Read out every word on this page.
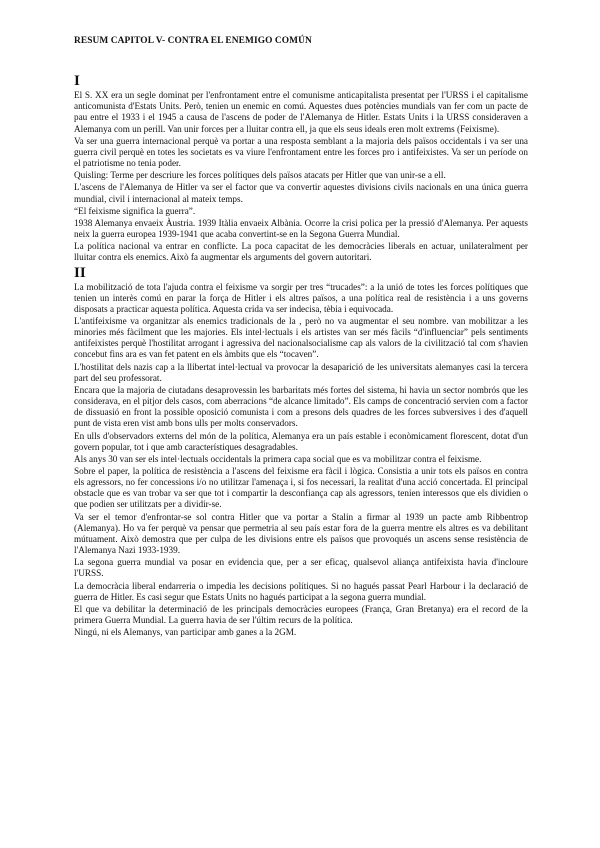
RESUM CAPITOL V- CONTRA EL ENEMIGO COMÚN
I

El S. XX era un segle dominat per l'enfrontament entre el comunisme anticapitalista presentat per l'URSS i el capitalisme anticomunista d'Estats Units. Però, tenien un enemic en comú. Aquestes dues potències mundials van fer com un pacte de pau entre el 1933 i el 1945 a causa de l'ascens de poder de l'Alemanya de Hitler. Estats Units i la URSS consideraven a Alemanya com un perill. Van unir forces per a lluitar contra ell, ja que els seus ideals eren molt extrems (Feixisme).

Va ser una guerra internacional perquè va portar a una resposta semblant a la majoria dels països occidentals i va ser una guerra civil perquè en totes les societats es va viure l'enfrontament entre les forces pro i antifeixistes. Va ser un període on el patriotisme no tenia poder.

Quisling: Terme per descriure les forces polítiques dels països atacats per Hitler que van unir-se a ell.

L'ascens de l'Alemanya de Hitler va ser el factor que va convertir aquestes divisions civils nacionals en una única guerra mundial, civil i internacional al mateix temps.

“El feixisme significa la guerra”.

1938 Alemanya envaeix Àustria. 1939 Itàlia envaeix Albània. Ocorre la crisi polica per la pressió d'Alemanya. Per aquests neix la guerra europea 1939-1941 que acaba convertint-se en la Segona Guerra Mundial.

La política nacional va entrar en conflicte. La poca capacitat de les democràcies liberals en actuar, unilateralment per lluitar contra els enemics. Això fa augmentar els arguments del govern autoritari.

II

La mobilització de tota l'ajuda contra el feixisme va sorgir per tres “trucades”: a la unió de totes les forces polítiques que tenien un interès comú en parar la força de Hitler i els altres països, a una política real de resistència i a uns governs disposats a practicar aquesta política. Aquesta crida va ser indecisa, tèbia i equivocada.

L'antifeixisme va organitzar als enemics tradicionals de la , però no va augmentar el seu nombre. van mobilitzar a les minories més fàcilment que les majories. Els intel·lectuals i els artistes van ser més fàcils “d'influenciar” pels sentiments antifeixistes perquè l'hostilitat arrogant i agressiva del nacionalsocialisme cap als valors de la civilització tal com s'havien concebut fins ara es van fet patent en els àmbits que els “tocaven”.

L'hostilitat dels nazis cap a la llibertat intel·lectual va provocar la desaparició de les universitats alemanyes casi la tercera part del seu professorat.

Encara que la majoria de ciutadans desaprovessin les barbaritats més fortes del sistema, hi havia un sector nombrós que les considerava, en el pitjor dels casos, com aberracions “de alcance limitado”. Els camps de concentració servien com a factor de dissuasió en front la possible oposició comunista i com a presons dels quadres de les forces subversives i des d'aquell punt de vista eren vist amb bons ulls per molts conservadors.

En ulls d'observadors externs del món de la política, Alemanya era un país estable i econòmicament florescent, dotat d'un govern popular, tot i que amb característiques desagradables.

Als anys 30 van ser els intel·lectuals occidentals la primera capa social que es va mobilitzar contra el feixisme.

Sobre el paper, la política de resistència a l'ascens del feixisme era fàcil i lògica. Consistia a unir tots els països en contra els agressors, no fer concessions i/o no utilitzar l'amenaça i, si fos necessari, la realitat d'una acció concertada. El principal obstacle que es van trobar va ser que tot i compartir la desconfiança cap als agressors, tenien interessos que els dividien o que podien ser utilitzats per a dividir-se.

Va ser el temor d'enfrontar-se sol contra Hitler que va portar a Stalin a firmar al 1939 un pacte amb Ribbentrop (Alemanya). Ho va fer perquè va pensar que permetria al seu país estar fora de la guerra mentre els altres es va debilitant mútuament. Això demostra que per culpa de les divisions entre els països que provoqués un ascens sense resistència de l'Alemanya Nazi 1933-1939.

La segona guerra mundial va posar en evidencia que, per a ser eficaç, qualsevol aliança antifeixista havia d'incloure l'URSS.

La democràcia liberal endarreria o impedia les decisions polítiques. Si no hagués passat Pearl Harbour i la declaració de guerra de Hitler. Es casi segur que Estats Units no hagués participat a la segona guerra mundial.

El que va debilitar la determinació de les principals democràcies europees (França, Gran Bretanya) era el record de la primera Guerra Mundial. La guerra havia de ser l'últim recurs de la política.

Ningú, ni els Alemanys, van participar amb ganes a la 2GM.
